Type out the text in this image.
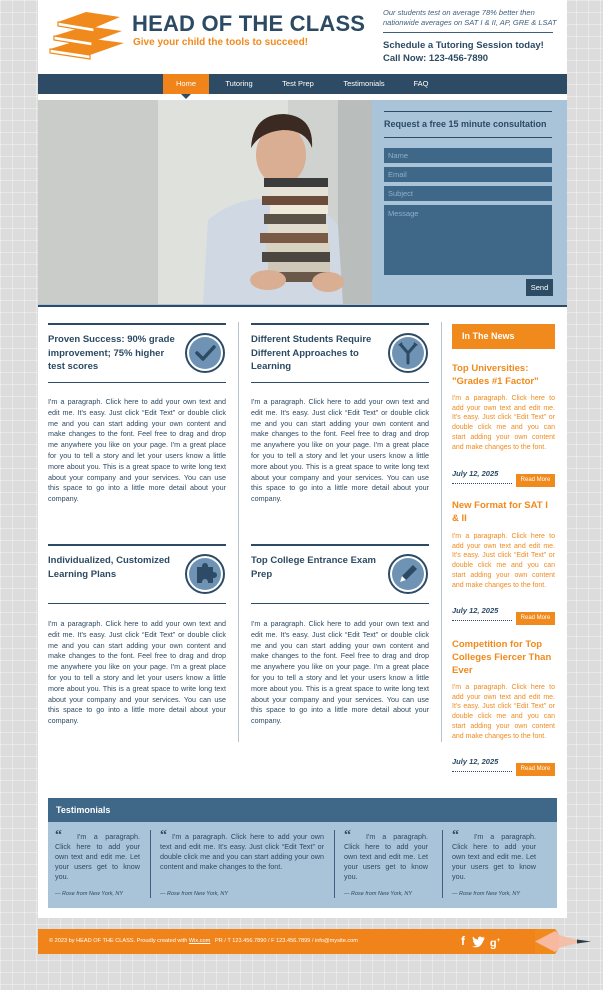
HEAD OF THE CLASS
Give your child the tools to succeed!
Our students test on average 78% better then nationwide averages on SAT I & II, AP, GRE & LSAT
Schedule a Tutoring Session today!
Call Now: 123-456-7890
Home	Tutoring	Test Prep	Testimonials	FAQ
Request a free 15 minute consultation
Name
Email
Subject
Message
Send
Proven Success: 90% grade improvement; 75% higher test scores
I'm a paragraph. Click here to add your own text and edit me. It's easy. Just click “Edit Text” or double click me and you can start adding your own content and make changes to the font. Feel free to drag and drop me anywhere you like on your page. I'm a great place for you to tell a story and let your users know a little more about you. This is a great space to write long text about your company and your services. You can use this space to go into a little more detail about your company.
Different Students Require Different Approaches to Learning
I'm a paragraph. Click here to add your own text and edit me. It's easy. Just click “Edit Text” or double click me and you can start adding your own content and make changes to the font. Feel free to drag and drop me anywhere you like on your page. I'm a great place for you to tell a story and let your users know a little more about you. This is a great space to write long text about your company and your services. You can use this space to go into a little more detail about your company.
Individualized, Customized Learning Plans
I'm a paragraph. Click here to add your own text and edit me. It's easy. Just click “Edit Text” or double click me and you can start adding your own content and make changes to the font. Feel free to drag and drop me anywhere you like on your page. I'm a great place for you to tell a story and let your users know a little more about you. This is a great space to write long text about your company and your services. You can use this space to go into a little more detail about your company.
Top College Entrance Exam Prep
I'm a paragraph. Click here to add your own text and edit me. It's easy. Just click “Edit Text” or double click me and you can start adding your own content and make changes to the font. Feel free to drag and drop me anywhere you like on your page. I'm a great place for you to tell a story and let your users know a little more about you. This is a great space to write long text about your company and your services. You can use this space to go into a little more detail about your company.
In The News
Top Universities: "Grades #1 Factor"
I'm a paragraph. Click here to add your own text and edit me. It's easy. Just click “Edit Text” or double click me and you can start adding your own content and make changes to the font.
July 12, 2025
Read More
New Format for SAT I & II
I'm a paragraph. Click here to add your own text and edit me. It's easy. Just click “Edit Text” or double click me and you can start adding your own content and make changes to the font.
July 12, 2025
Read More
Competition for Top Colleges Fiercer Than Ever
I'm a paragraph. Click here to add your own text and edit me. It's easy. Just click “Edit Text” or double click me and you can start adding your own content and make changes to the font.
July 12, 2025
Read More
Testimonials
“	I'm a paragraph. Click here to add your own text and edit me. Let your users get to know you.
— Rose from New York, NY
“ I'm a paragraph. Click here to add your own text and edit me. It's easy. Just click “Edit Text” or double click me and you can start adding your own content and make changes to the font.
— Rose from New York, NY
“	I'm a paragraph. Click here to add your own text and edit me. Let your users get to know you.
— Rose from New York, NY
“	I'm a paragraph. Click here to add your own text and edit me. Let your users get to know you.
— Rose from New York, NY
© 2023 by HEAD OF THE CLASS. Proudly created with Wix.com PR / T 123.456.7890 / F 123.456.7899 / info@mysite.com	f	g+
